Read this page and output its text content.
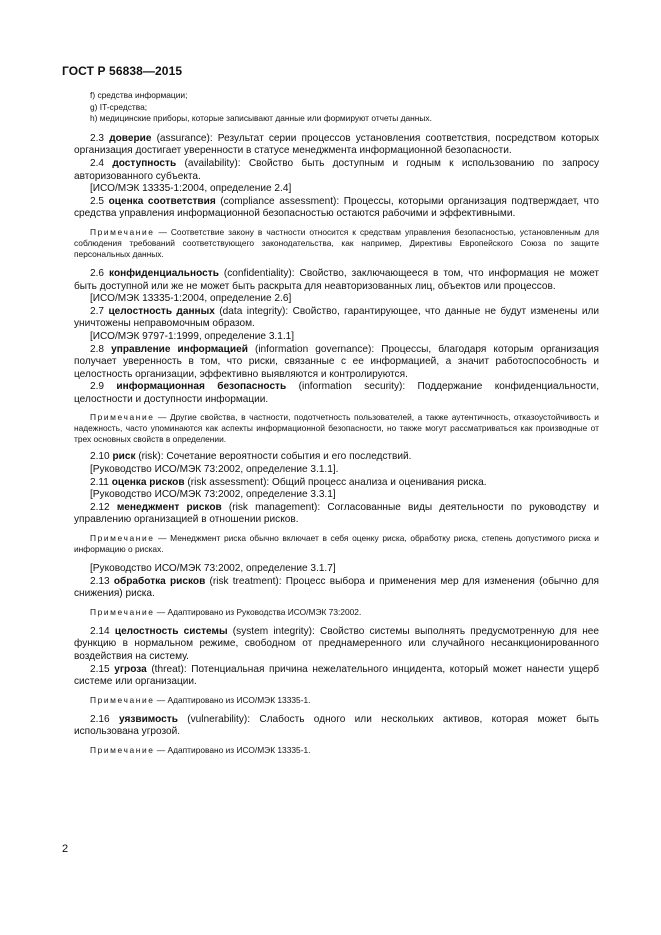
ГОСТ Р 56838—2015

f) средства информации;

g) IT-средства;

h) медицинские приборы, которые записывают данные или формируют отчеты данных.

2.3 доверие (assurance): Результат серии процессов установления соответствия, посредством которых организация достигает уверенности в статусе менеджмента информационной безопасности.

2.4 доступность (availability): Свойство быть доступным и годным к использованию по запросу авторизованного субъекта.

[ИСО/МЭК 13335-1:2004, определение 2.4]

2.5 оценка соответствия (compliance assessment): Процессы, которыми организация подтверждает, что средства управления информационной безопасностью остаются рабочими и эффективными.

Примечание — Соответствие закону в частности относится к средствам управления безопасностью, установленным для соблюдения требований соответствующего законодательства, как например, Директивы Европейского Союза по защите персональных данных.

2.6 конфиденциальность (confidentiality): Свойство, заключающееся в том, что информация не может быть доступной или же не может быть раскрыта для неавторизованных лиц, объектов или процессов.

[ИСО/МЭК 13335-1:2004, определение 2.6]

2.7 целостность данных (data integrity): Свойство, гарантирующее, что данные не будут изменены или уничтожены неправомочным образом.

[ИСО/МЭК 9797-1:1999, определение 3.1.1]

2.8 управление информацией (information governance): Процессы, благодаря которым организация получает уверенность в том, что риски, связанные с ее информацией, а значит работоспособность и целостность организации, эффективно выявляются и контролируются.

2.9 информационная безопасность (information security): Поддержание конфиденциальности, целостности и доступности информации.

Примечание — Другие свойства, в частности, подотчетность пользователей, а также аутентичность, отказоустойчивость и надежность, часто упоминаются как аспекты информационной безопасности, но также могут рассматриваться как производные от трех основных свойств в определении.

2.10 риск (risk): Сочетание вероятности события и его последствий.

[Руководство ИСО/МЭК 73:2002, определение 3.1.1].

2.11 оценка рисков (risk assessment): Общий процесс анализа и оценивания риска.

[Руководство ИСО/МЭК 73:2002, определение 3.3.1]

2.12 менеджмент рисков (risk management): Согласованные виды деятельности по руководству и управлению организацией в отношении рисков.

Примечание — Менеджмент риска обычно включает в себя оценку риска, обработку риска, степень допустимого риска и информацию о рисках.

[Руководство ИСО/МЭК 73:2002, определение 3.1.7]

2.13 обработка рисков (risk treatment): Процесс выбора и применения мер для изменения (обычно для снижения) риска.

Примечание — Адаптировано из Руководства ИСО/МЭК 73:2002.

2.14 целостность системы (system integrity): Свойство системы выполнять предусмотренную для нее функцию в нормальном режиме, свободном от преднамеренного или случайного несанкционированного воздействия на систему.

2.15 угроза (threat): Потенциальная причина нежелательного инцидента, который может нанести ущерб системе или организации.

Примечание — Адаптировано из ИСО/МЭК 13335-1.

2.16 уязвимость (vulnerability): Слабость одного или нескольких активов, которая может быть использована угрозой.

Примечание — Адаптировано из ИСО/МЭК 13335-1.

2
